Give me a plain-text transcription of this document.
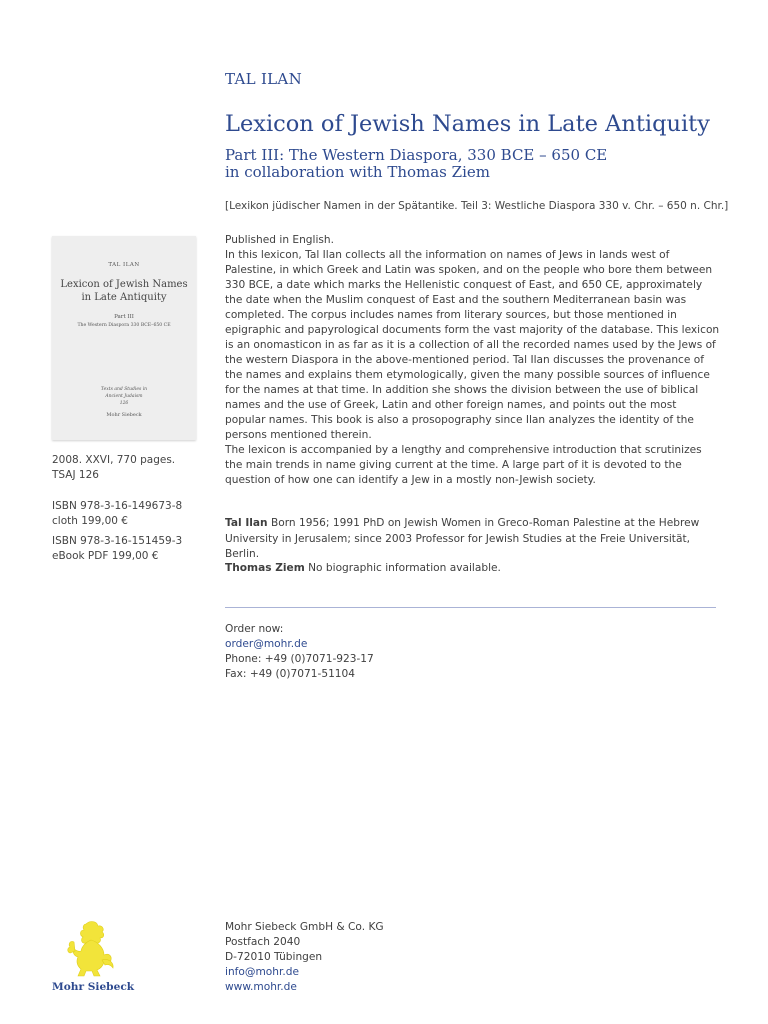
TAL ILAN
Lexicon of Jewish Names in Late Antiquity
Part III: The Western Diaspora, 330 BCE – 650 CE
in collaboration with Thomas Ziem
[Lexikon jüdischer Namen in der Spätantike. Teil 3: Westliche Diaspora 330 v. Chr. – 650 n. Chr.]
TAL ILAN
Lexicon of Jewish Names
in Late Antiquity
Part III
The Western Diaspora 330 BCE–650 CE
Texts and Studies in
Ancient Judaism
126
Mohr Siebeck
2008. XXVI, 770 pages.
TSAJ 126
ISBN 978-3-16-149673-8
cloth 199,00 €
ISBN 978-3-16-151459-3
eBook PDF 199,00 €

Published in English.

In this lexicon, Tal Ilan collects all the information on names of Jews in lands west of Palestine, in which Greek and Latin was spoken, and on the people who bore them between 330 BCE, a date which marks the Hellenistic conquest of East, and 650 CE, approximately the date when the Muslim conquest of East and the southern Mediterranean basin was completed. The corpus includes names from literary sources, but those mentioned in epigraphic and papyrological documents form the vast majority of the database. This lexicon is an onomasticon in as far as it is a collection of all the recorded names used by the Jews of the western Diaspora in the above-mentioned period. Tal Ilan discusses the provenance of the names and explains them etymologically, given the many possible sources of influence for the names at that time. In addition she shows the division between the use of biblical names and the use of Greek, Latin and other foreign names, and points out the most popular names. This book is also a prosopography since Ilan analyzes the identity of the persons mentioned therein.

The lexicon is accompanied by a lengthy and comprehensive introduction that scrutinizes the main trends in name giving current at the time. A large part of it is devoted to the question of how one can identify a Jew in a mostly non-Jewish society.

Tal Ilan Born 1956; 1991 PhD on Jewish Women in Greco-Roman Palestine at the Hebrew University in Jerusalem; since 2003 Professor for Jewish Studies at the Freie Universität, Berlin.
Thomas Ziem No biographic information available.
Order now:
order@mohr.de
Phone: +49 (0)7071-923-17
Fax: +49 (0)7071-51104
Mohr Siebeck
Mohr Siebeck GmbH & Co. KG
Postfach 2040
D-72010 Tübingen
info@mohr.de
www.mohr.de
